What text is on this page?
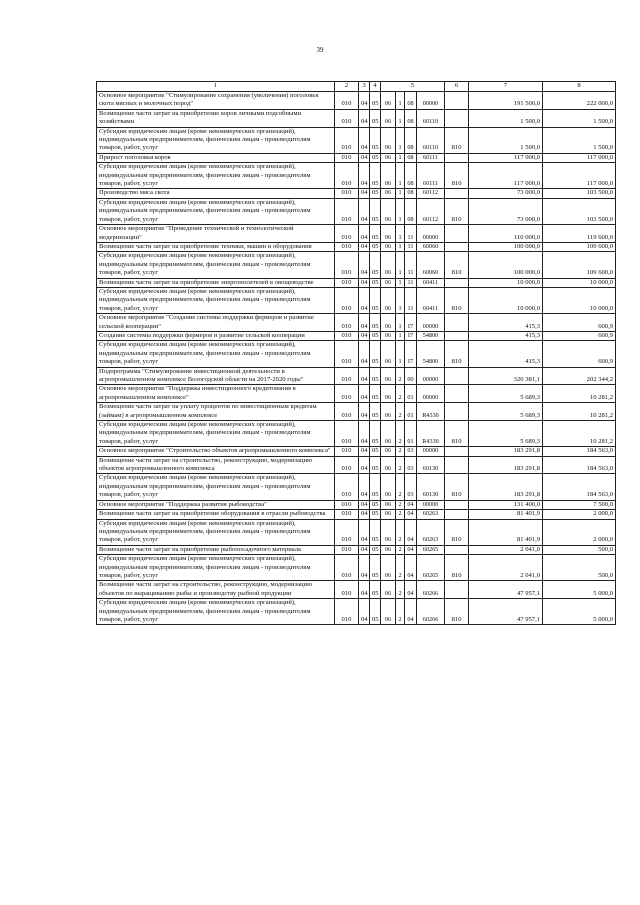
39
1	2	3	4	5				6	7	8
Основное мероприятие "Стимулирование сохранения (увеличения) поголовья скота мясных и молочных пород"	010	04	05	06	1	08	00000		191 500,0	222 000,0
Возмещение части затрат на приобретение коров личными подсобными хозяйствами	010	04	05	06	1	08	60110		1 500,0	1 500,0
Субсидии юридическим лицам (кроме некоммерческих организаций), индивидуальным предпринимателям, физическим лицам - производителям товаров, работ, услуг	010	04	05	06	1	08	60110	810	1 500,0	1 500,0
Прирост поголовья коров	010	04	05	06	1	08	60111		117 000,0	117 000,0
Субсидии юридическим лицам (кроме некоммерческих организаций), индивидуальным предпринимателям, физическим лицам - производителям товаров, работ, услуг	010	04	05	06	1	08	60111	810	117 000,0	117 000,0
Производство мяса скота	010	04	05	06	1	08	60112		73 000,0	103 500,0
Субсидии юридическим лицам (кроме некоммерческих организаций), индивидуальным предпринимателям, физическим лицам - производителям товаров, работ, услуг	010	04	05	06	1	08	60112	810	73 000,0	103 500,0
Основное мероприятие "Проведение технической и технологической модернизации"	010	04	05	06	1	11	00000		110 000,0	119 600,0
Возмещение части затрат на приобретение техники, машин и оборудования	010	04	05	06	1	11	60060		100 000,0	109 600,0
Субсидии юридическим лицам (кроме некоммерческих организаций), индивидуальным предпринимателям, физическим лицам - производителям товаров, работ, услуг	010	04	05	06	1	11	60060	810	100 000,0	109 600,0
Возмещение части затрат на приобретение энергоносителей в овощеводстве	010	04	05	06	1	11	60411		10 000,0	10 000,0
Субсидии юридическим лицам (кроме некоммерческих организаций), индивидуальным предпринимателям, физическим лицам - производителям товаров, работ, услуг	010	04	05	06	1	11	60411	810	10 000,0	10 000,0
Основное мероприятие "Создание системы поддержки фермеров и развитие сельской кооперации"	010	04	05	06	1	I7	00000		415,3	600,9
Создание системы поддержки фермеров и развитие сельской кооперации	010	04	05	06	1	I7	54800		415,3	600,9
Субсидии юридическим лицам (кроме некоммерческих организаций), индивидуальным предпринимателям, физическим лицам - производителям товаров, работ, услуг	010	04	05	06	1	I7	54800	810	415,3	600,9
Подпрограмма "Стимулирование инвестиционной деятельности в агропромышленном комплексе Вологодской области на 2017-2020 годы"	010	04	05	06	2	00	00000		320 381,1	202 344,2
Основное мероприятие "Поддержка инвестиционного кредитования в агропромышленном комплексе"	010	04	05	06	2	01	00000		5 689,3	10 281,2
Возмещение части затрат на уплату процентов по инвестиционным кредитам (займам) в агропромышленном комплексе	010	04	05	06	2	01	R4330		5 689,3	10 281,2
Субсидии юридическим лицам (кроме некоммерческих организаций), индивидуальным предпринимателям, физическим лицам - производителям товаров, работ, услуг	010	04	05	06	2	01	R4330	810	5 689,3	10 281,2
Основное мероприятие "Строительство объектов агропромышленного комплекса"	010	04	05	06	2	03	00000		183 291,8	184 563,0
Возмещение части затрат на строительство, реконструкцию, модернизацию объектов агропромышленного комплекса	010	04	05	06	2	03	60130		183 291,8	184 563,0
Субсидии юридическим лицам (кроме некоммерческих организаций), индивидуальным предпринимателям, физическим лицам - производителям товаров, работ, услуг	010	04	05	06	2	03	60130	810	183 291,8	184 563,0
Основное мероприятие "Поддержка развития рыбоводства"	010	04	05	06	2	04	00000		131 400,0	7 500,0
Возмещение части затрат на приобретение оборудования в отрасли рыбоводства	010	04	05	06	2	04	60263		81 401,9	2 000,0
Субсидии юридическим лицам (кроме некоммерческих организаций), индивидуальным предпринимателям, физическим лицам - производителям товаров, работ, услуг	010	04	05	06	2	04	60263	810	81 401,9	2 000,0
Возмещение части затрат на приобретение рыбопосадочного материала	010	04	05	06	2	04	60265		2 041,0	500,0
Субсидии юридическим лицам (кроме некоммерческих организаций), индивидуальным предпринимателям, физическим лицам - производителям товаров, работ, услуг	010	04	05	06	2	04	60265	810	2 041,0	500,0
Возмещение части затрат на строительство, реконструкцию, модернизацию объектов по выращиванию рыбы и производству рыбной продукции	010	04	05	06	2	04	60266		47 957,1	5 000,0
Субсидии юридическим лицам (кроме некоммерческих организаций), индивидуальным предпринимателям, физическим лицам - производителям товаров, работ, услуг	010	04	05	06	2	04	60266	810	47 957,1	5 000,0
